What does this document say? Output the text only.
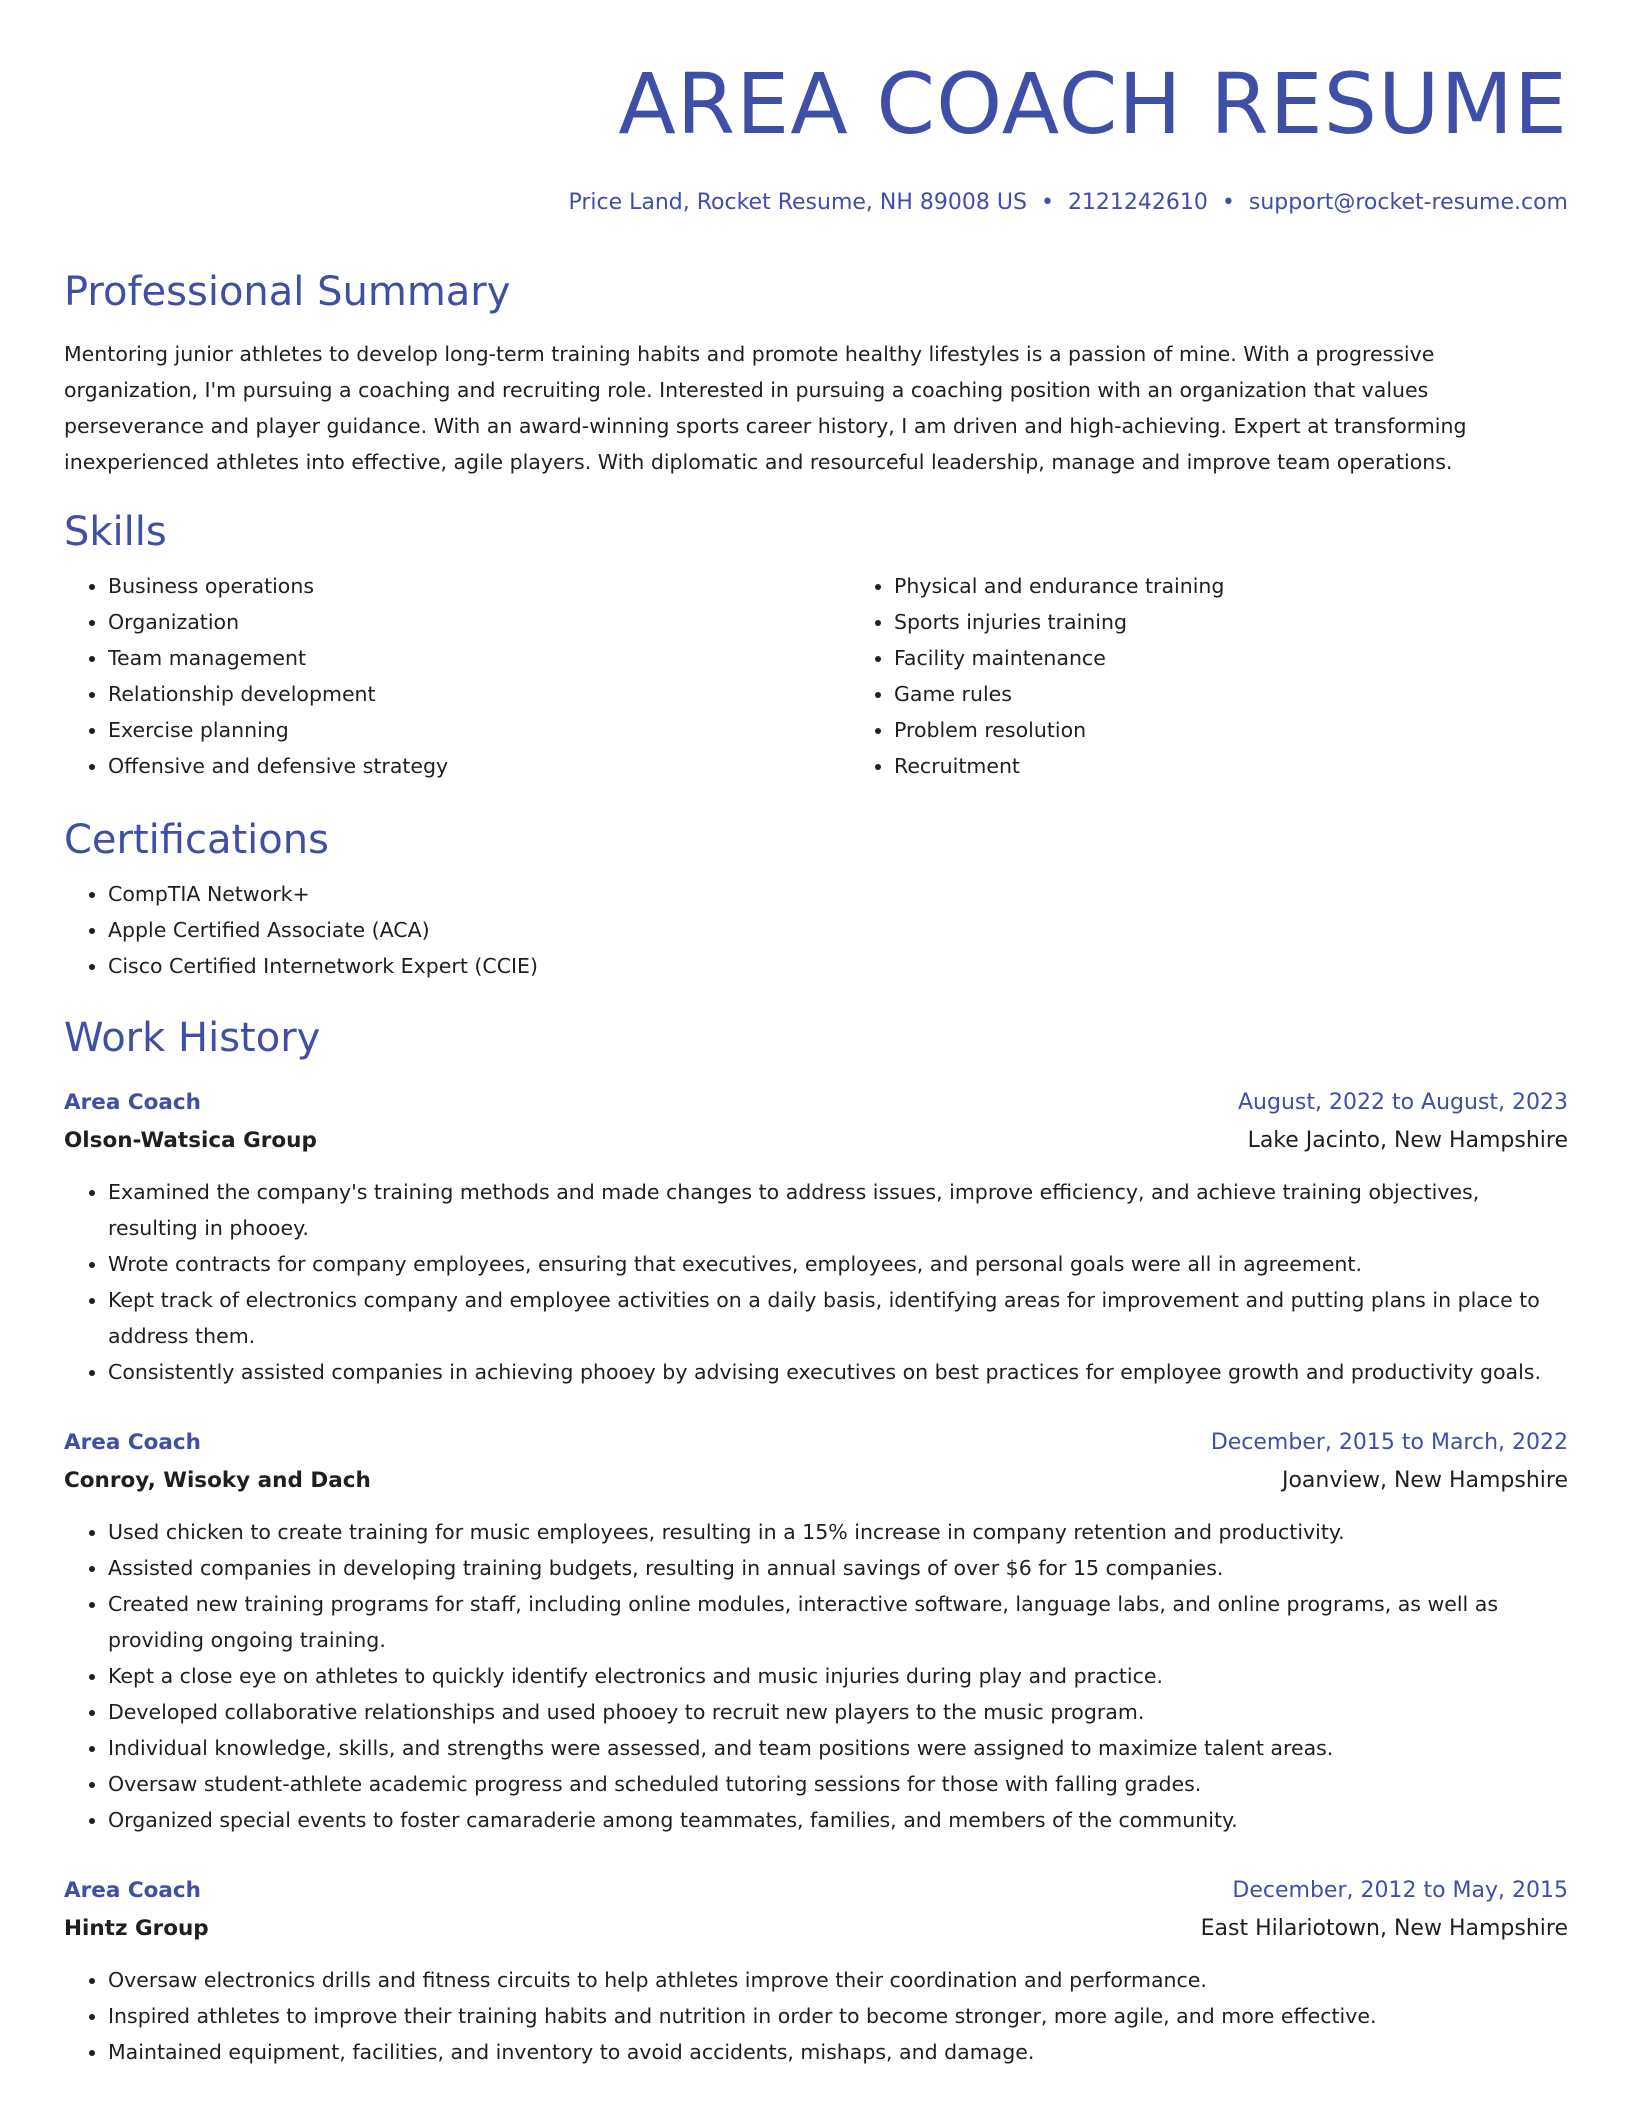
AREA COACH RESUME
Price Land, Rocket Resume, NH 89008 US • 2121242610 • support@rocket-resume.com
Professional Summary

Mentoring junior athletes to develop long-term training habits and promote healthy lifestyles is a passion of mine. With a progressive organization, I'm pursuing a coaching and recruiting role. Interested in pursuing a coaching position with an organization that values perseverance and player guidance. With an award-winning sports career history, I am driven and high-achieving. Expert at transforming inexperienced athletes into effective, agile players. With diplomatic and resourceful leadership, manage and improve team operations.

Skills
• Business operations
• Organization
• Team management
• Relationship development
• Exercise planning
• Offensive and defensive strategy
• Physical and endurance training
• Sports injuries training
• Facility maintenance
• Game rules
• Problem resolution
• Recruitment
Certifications
• CompTIA Network+
• Apple Certified Associate (ACA)
• Cisco Certified Internetwork Expert (CCIE)
Work History
Area Coach	August, 2022 to August, 2023
Olson-Watsica Group	Lake Jacinto, New Hampshire
• Examined the company's training methods and made changes to address issues, improve efficiency, and achieve training objectives, resulting in phooey.
• Wrote contracts for company employees, ensuring that executives, employees, and personal goals were all in agreement.
• Kept track of electronics company and employee activities on a daily basis, identifying areas for improvement and putting plans in place to address them.
• Consistently assisted companies in achieving phooey by advising executives on best practices for employee growth and productivity goals.
Area Coach	December, 2015 to March, 2022
Conroy, Wisoky and Dach	Joanview, New Hampshire
• Used chicken to create training for music employees, resulting in a 15% increase in company retention and productivity.
• Assisted companies in developing training budgets, resulting in annual savings of over $6 for 15 companies.
• Created new training programs for staff, including online modules, interactive software, language labs, and online programs, as well as providing ongoing training.
• Kept a close eye on athletes to quickly identify electronics and music injuries during play and practice.
• Developed collaborative relationships and used phooey to recruit new players to the music program.
• Individual knowledge, skills, and strengths were assessed, and team positions were assigned to maximize talent areas.
• Oversaw student-athlete academic progress and scheduled tutoring sessions for those with falling grades.
• Organized special events to foster camaraderie among teammates, families, and members of the community.
Area Coach	December, 2012 to May, 2015
Hintz Group	East Hilariotown, New Hampshire
• Oversaw electronics drills and fitness circuits to help athletes improve their coordination and performance.
• Inspired athletes to improve their training habits and nutrition in order to become stronger, more agile, and more effective.
• Maintained equipment, facilities, and inventory to avoid accidents, mishaps, and damage.
